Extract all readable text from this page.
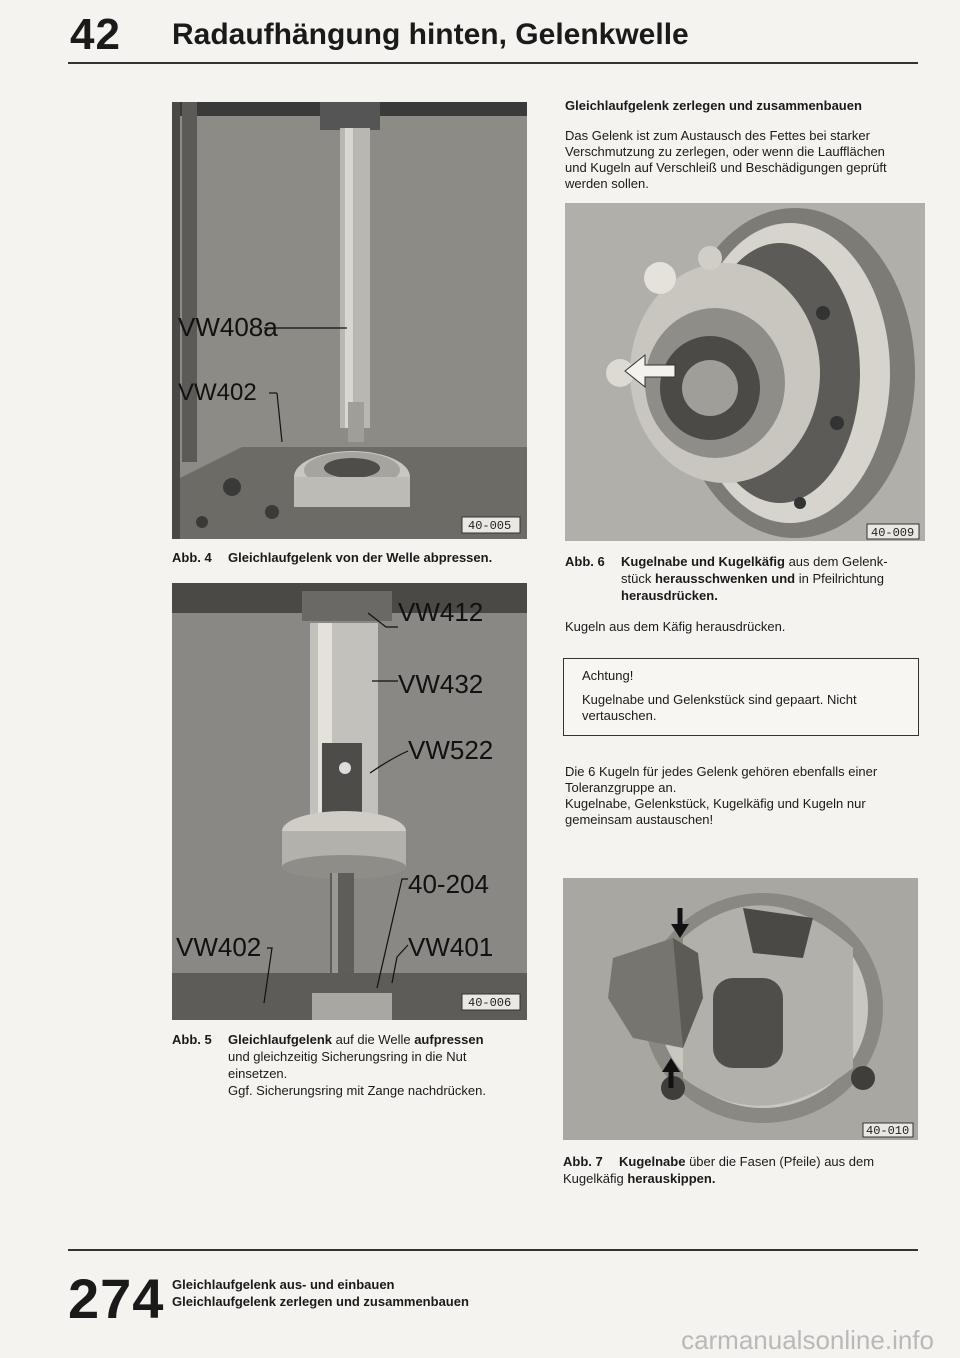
42 Radaufhängung hinten, Gelenkwelle
VW408a
VW402
40-005
Abb. 4 Gleichlaufgelenk von der Welle abpressen.
VW412
VW432
VW522
40-204
VW402	VW401
40-006
Abb. 5 Gleichlaufgelenk auf die Welle aufpressen
und gleichzeitig Sicherungsring in die Nut
einsetzen.
Ggf. Sicherungsring mit Zange nachdrücken.
Gleichlaufgelenk zerlegen und zusammenbauen
Das Gelenk ist zum Austausch des Fettes bei starker
Verschmutzung zu zerlegen, oder wenn die Laufflächen
und Kugeln auf Verschleiß und Beschädigungen geprüft
werden sollen.
40-009
Abb. 6 Kugelnabe und Kugelkäfig aus dem Gelenk-
stück herausschwenken und in Pfeilrichtung
herausdrücken.
Kugeln aus dem Käfig herausdrücken.
Achtung!
Kugelnabe und Gelenkstück sind gepaart. Nicht
vertauschen.
Die 6 Kugeln für jedes Gelenk gehören ebenfalls einer
Toleranzgruppe an.
Kugelnabe, Gelenkstück, Kugelkäfig und Kugeln nur
gemeinsam austauschen!
40-010
Abb. 7 Kugelnabe über die Fasen (Pfeile) aus dem
Kugelkäfig herauskippen.
274 Gleichlaufgelenk aus- und einbauen
Gleichlaufgelenk zerlegen und zusammenbauen
carmanualsonline.info
